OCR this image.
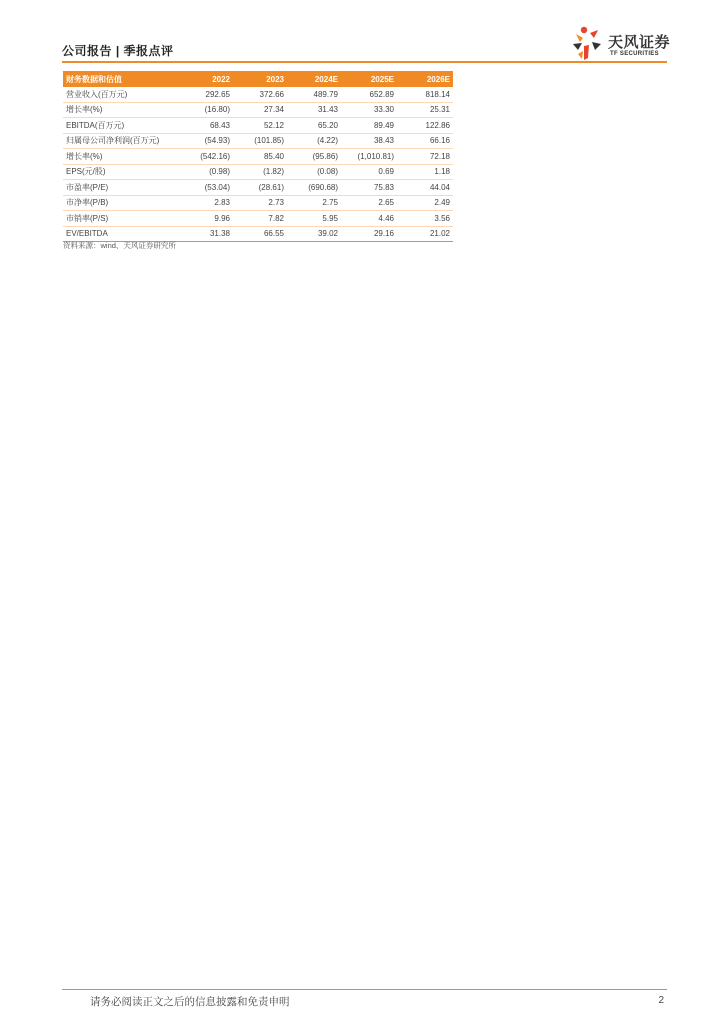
公司报告 | 季报点评	天风证券
TF SECURITIES
财务数据和估值	2022	2023	2024E	2025E	2026E
营业收入(百万元)	292.65	372.66	489.79	652.89	818.14
增长率(%)	(16.80)	27.34	31.43	33.30	25.31
EBITDA(百万元)	68.43	52.12	65.20	89.49	122.86
归属母公司净利润(百万元)	(54.93)	(101.85)	(4.22)	38.43	66.16
增长率(%)	(542.16)	85.40	(95.86)	(1,010.81)	72.18
EPS(元/股)	(0.98)	(1.82)	(0.08)	0.69	1.18
市盈率(P/E)	(53.04)	(28.61)	(690.68)	75.83	44.04
市净率(P/B)	2.83	2.73	2.75	2.65	2.49
市销率(P/S)	9.96	7.82	5.95	4.46	3.56
EV/EBITDA	31.38	66.55	39.02	29.16	21.02
资料来源：wind、天风证券研究所
请务必阅读正文之后的信息披露和免责申明	2
